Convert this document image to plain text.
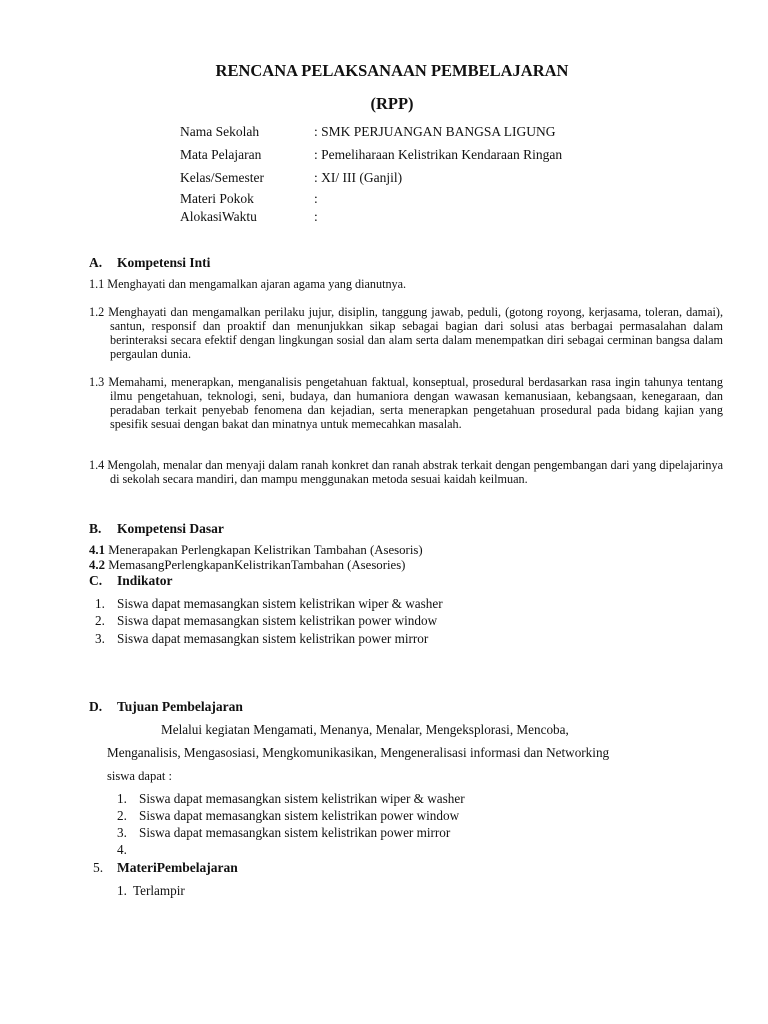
RENCANA PELAKSANAAN PEMBELAJARAN
(RPP)
Nama Sekolah	: SMK PERJUANGAN BANGSA LIGUNG
Mata Pelajaran	: Pemeliharaan Kelistrikan Kendaraan Ringan
Kelas/Semester	: XI/ III (Ganjil)
Materi Pokok	:
AlokasiWaktu	:
A. Kompetensi Inti
1.1 Menghayati dan mengamalkan ajaran agama yang dianutnya.
1.2 Menghayati dan mengamalkan perilaku jujur, disiplin, tanggung jawab, peduli, (gotong royong, kerjasama, toleran, damai), santun, responsif dan proaktif dan menunjukkan sikap sebagai bagian dari solusi atas berbagai permasalahan dalam berinteraksi secara efektif dengan lingkungan sosial dan alam serta dalam menempatkan diri sebagai cerminan bangsa dalam pergaulan dunia.
1.3 Memahami, menerapkan, menganalisis pengetahuan faktual, konseptual, prosedural berdasarkan rasa ingin tahunya tentang ilmu pengetahuan, teknologi, seni, budaya, dan humaniora dengan wawasan kemanusiaan, kebangsaan, kenegaraan, dan peradaban terkait penyebab fenomena dan kejadian, serta menerapkan pengetahuan prosedural pada bidang kajian yang spesifik sesuai dengan bakat dan minatnya untuk memecahkan masalah.
1.4 Mengolah, menalar dan menyaji dalam ranah konkret dan ranah abstrak terkait dengan pengembangan dari yang dipelajarinya di sekolah secara mandiri, dan mampu menggunakan metoda sesuai kaidah keilmuan.
B. Kompetensi Dasar
4.1 Menerapakan Perlengkapan Kelistrikan Tambahan (Asesoris)
4.2 MemasangPerlengkapanKelistrikanTambahan (Asesories)
C. Indikator
1. Siswa dapat memasangkan sistem kelistrikan wiper & washer
2. Siswa dapat memasangkan sistem kelistrikan power window
3. Siswa dapat memasangkan sistem kelistrikan power mirror
D. Tujuan Pembelajaran
Melalui kegiatan Mengamati, Menanya, Menalar, Mengeksplorasi, Mencoba,
Menganalisis, Mengasosiasi, Mengkomunikasikan, Mengeneralisasi informasi dan Networking
siswa dapat :
1. Siswa dapat memasangkan sistem kelistrikan wiper & washer
2. Siswa dapat memasangkan sistem kelistrikan power window
3. Siswa dapat memasangkan sistem kelistrikan power mirror
4.
5. MateriPembelajaran
1. Terlampir
